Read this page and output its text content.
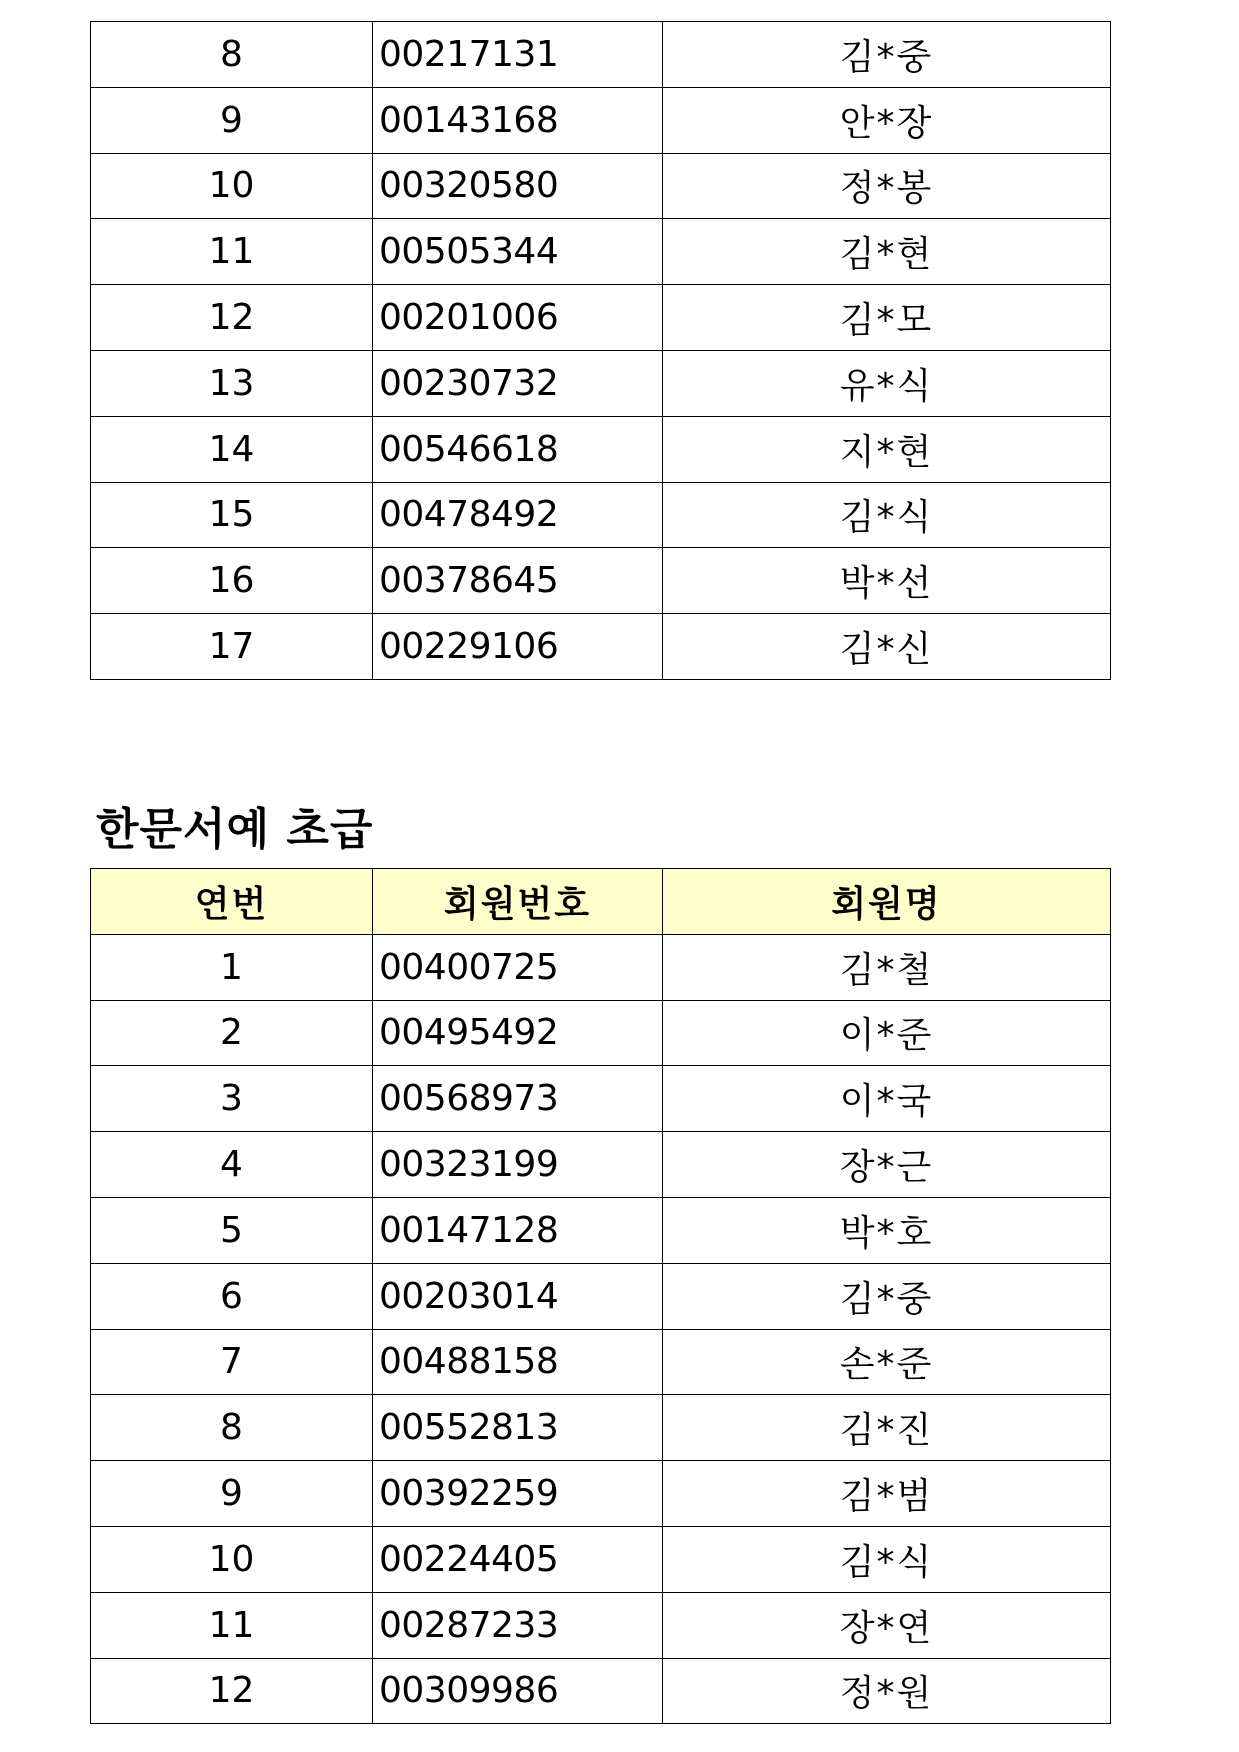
8	00217131	김*중
9	00143168	안*장
10	00320580	정*봉
11	00505344	김*현
12	00201006	김*모
13	00230732	유*식
14	00546618	지*현
15	00478492	김*식
16	00378645	박*선
17	00229106	김*신
한문서예 초급
연번	회원번호	회원명
1	00400725	김*철
2	00495492	이*준
3	00568973	이*국
4	00323199	장*근
5	00147128	박*호
6	00203014	김*중
7	00488158	손*준
8	00552813	김*진
9	00392259	김*범
10	00224405	김*식
11	00287233	장*연
12	00309986	정*원
